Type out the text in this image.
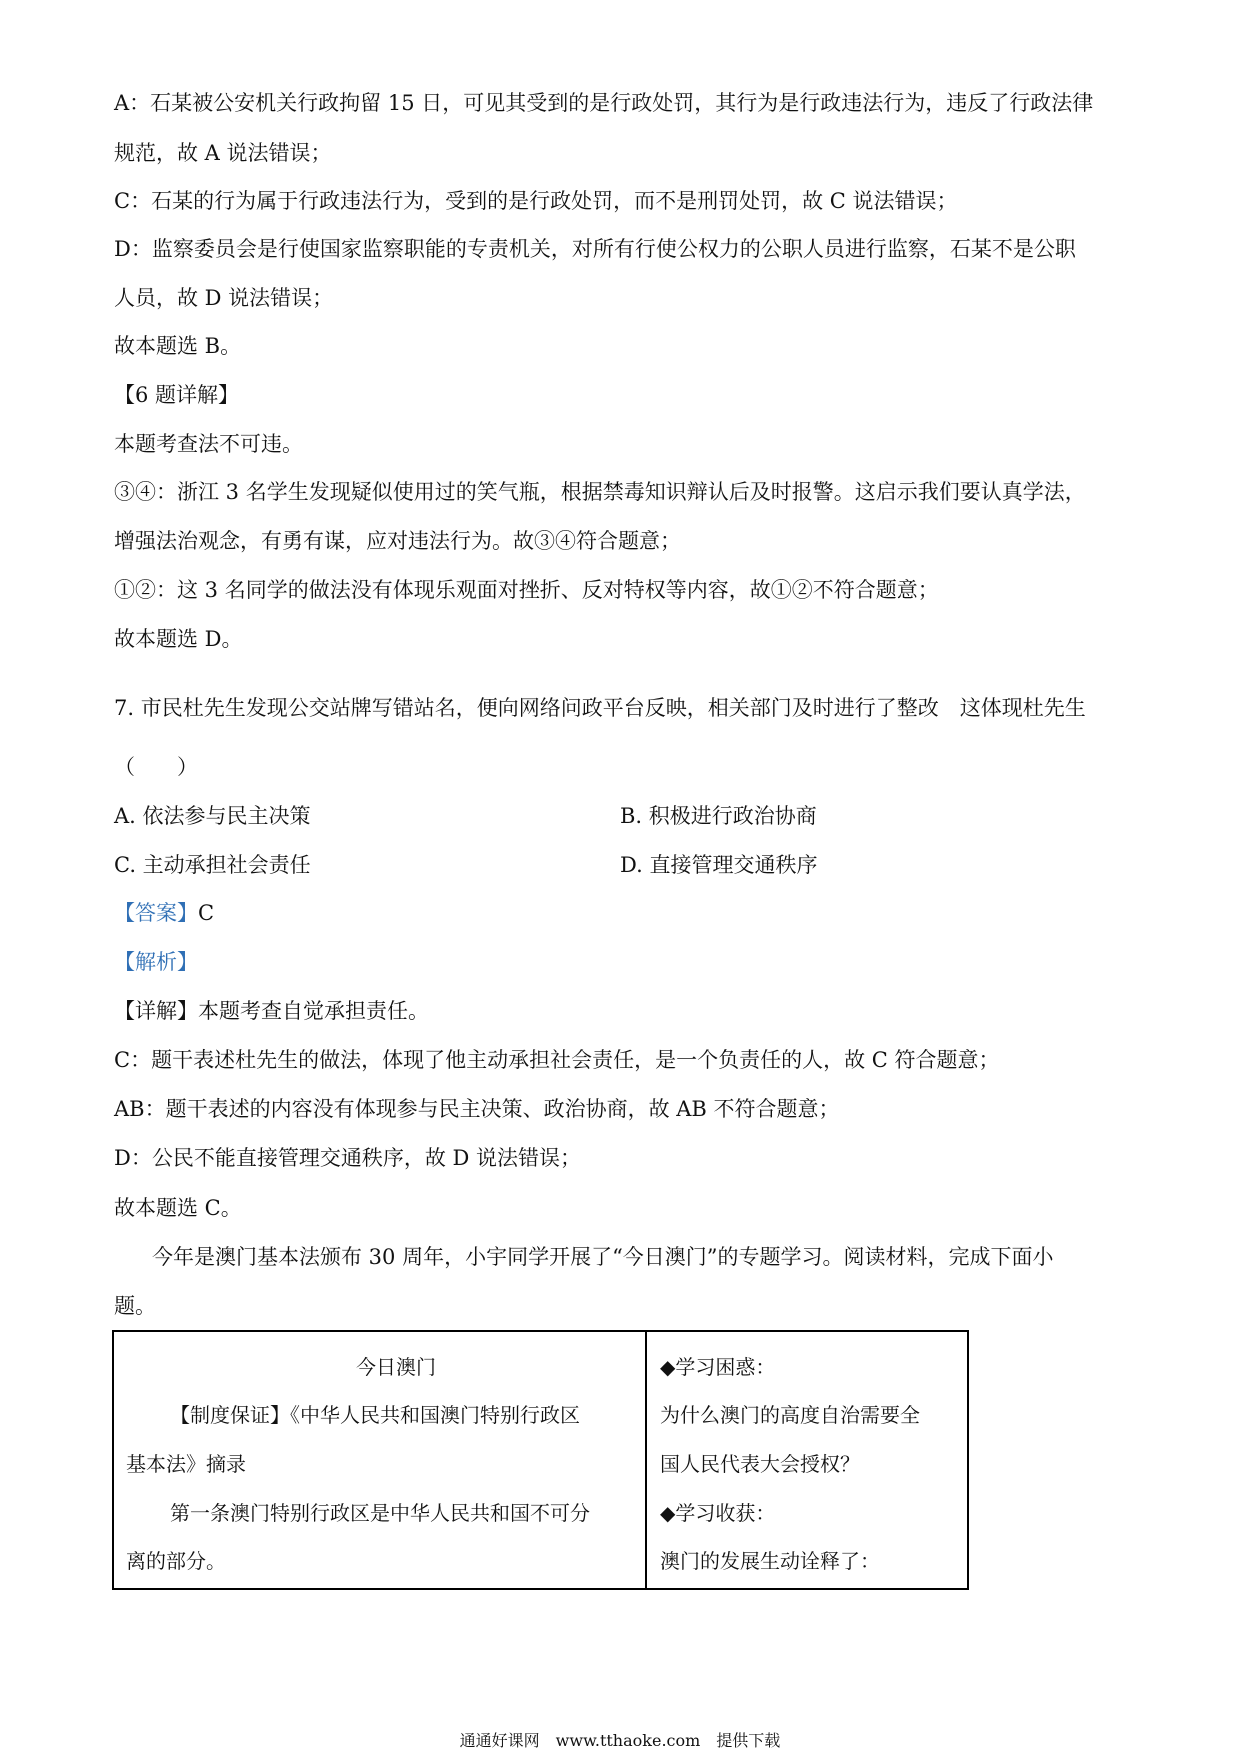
A：石某被公安机关行政拘留 15 日，可见其受到的是行政处罚，其行为是行政违法行为，违反了行政法律
规范，故 A 说法错误；
C：石某的行为属于行政违法行为，受到的是行政处罚，而不是刑罚处罚，故 C 说法错误；
D：监察委员会是行使国家监察职能的专责机关，对所有行使公权力的公职人员进行监察，石某不是公职
人员，故 D 说法错误；
故本题选 B。
【6 题详解】
本题考查法不可违。
③④：浙江 3 名学生发现疑似使用过的笑气瓶，根据禁毒知识辩认后及时报警。这启示我们要认真学法，
增强法治观念，有勇有谋，应对违法行为。故③④符合题意；
①②：这 3 名同学的做法没有体现乐观面对挫折、反对特权等内容，故①②不符合题意；
故本题选 D。
7. 市民杜先生发现公交站牌写错站名，便向网络问政平台反映，相关部门及时进行了整改　这体现杜先生
（　　）
A. 依法参与民主决策	B. 积极进行政治协商
C. 主动承担社会责任	D. 直接管理交通秩序
【答案】C
【解析】
【详解】本题考查自觉承担责任。
C：题干表述杜先生的做法，体现了他主动承担社会责任，是一个负责任的人，故 C 符合题意；
AB：题干表述的内容没有体现参与民主决策、政治协商，故 AB 不符合题意；
D：公民不能直接管理交通秩序，故 D 说法错误；
故本题选 C。
今年是澳门基本法颁布 30 周年，小宇同学开展了“今日澳门”的专题学习。阅读材料，完成下面小
题。
今日澳门
【制度保证】《中华人民共和国澳门特别行政区
基本法》摘录
第一条澳门特别行政区是中华人民共和国不可分
离的部分。
◆学习困惑：
为什么澳门的高度自治需要全
国人民代表大会授权？
◆学习收获：
澳门的发展生动诠释了：
通通好课网　www.tthaoke.com　提供下载
